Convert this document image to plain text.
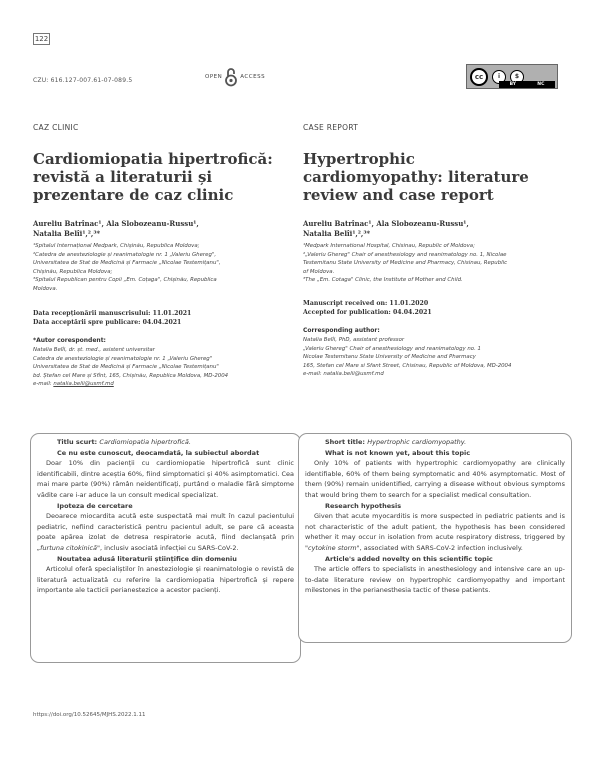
122
CZU: 616.127-007.61-07-089.5	OPEN	ACCESS	cc	i	$
BY	NC
CAZ CLINIC
Cardiomiopatia hipertrofică:
revistă a literaturii și
prezentare de caz clinic
Aureliu Batrînac¹, Ala Slobozeanu-Russu¹,
Natalia Belîi¹,²,³*
¹Spitalul Internațional Medpark, Chișinău, Republica Moldova;
²Catedra de anesteziologie și reanimatologie nr. 1 „Valeriu Ghereg",
Universitatea de Stat de Medicină și Farmacie „Nicolae Testemițanu",
Chișinău, Republica Moldova;
³Spitalul Republican pentru Copii „Em. Coțaga", Chișinău, Republica
Moldova.
Data recepționării manuscrisului: 11.01.2021
Data acceptării spre publicare: 04.04.2021
*Autor corespondent:
Natalia Belîi, dr. șt. med., asistent universitar
Catedra de anesteziologie și reanimatologie nr. 1 „Valeriu Ghereg"
Universitatea de Stat de Medicină și Farmacie „Nicolae Testemițanu"
bd. Ștefan cel Mare și Sfînt, 165, Chișinău, Republica Moldova, MD-2004
e-mail: natalia.belii@usmf.md

Titlu scurt: Cardiomiopatia hipertrofică.

Ce nu este cunoscut, deocamdată, la subiectul abordat

Doar 10% din pacienții cu cardiomiopatie hipertrofică sunt clinic identificabili, dintre aceștia 60%, fiind simptomatici și 40% asimptomatici. Cea mai mare parte (90%) rămân neidentificați, purtând o maladie fără simptome vădite care i-ar aduce la un consult medical specializat.

Ipoteza de cercetare

Deoarece miocardita acută este suspectată mai mult în cazul pacientului pediatric, nefiind caracteristică pentru pacientul adult, se pare că aceasta poate apărea izolat de detresa respiratorie acută, fiind declanșată prin „furtuna citokinică", inclusiv asociată infecției cu SARS-CoV-2.

Noutatea adusă literaturii științifice din domeniu

Articolul oferă specialiștilor în anesteziologie și reanimatologie o revistă de literatură actualizată cu referire la cardiomiopatia hipertrofică și repere importante ale tacticii perianestezice a acestor pacienți.

CASE REPORT
Hypertrophic
cardiomyopathy: literature
review and case report
Aureliu Batrînac¹, Ala Slobozeanu-Russu¹,
Natalia Belîi¹,²,³*
¹Medpark International Hospital, Chisinau, Republic of Moldova;
²„Valeriu Ghereg" Chair of anesthesiology and reanimatology no. 1, Nicolae
Testemitanu State University of Medicine and Pharmacy, Chisinau, Republic
of Moldova.
³The „Em. Cotaga" Clinic, the Institute of Mother and Child.
Manuscript received on: 11.01.2020
Accepted for publication: 04.04.2021
Corresponding author:
Natalia Belîi, PhD, assistant professor
„Valeriu Ghereg" Chair of anesthesiology and reanimatology no. 1
Nicolae Testemitanu State University of Medicine and Pharmacy
165, Stefan cel Mare si Sfant Street, Chisinau, Republic of Moldova, MD-2004
e-mail: natalia.belii@usmf.md

Short title: Hypertrophic cardiomyopathy.

What is not known yet, about this topic

Only 10% of patients with hypertrophic cardiomyopathy are clinically identifiable, 60% of them being symptomatic and 40% asymptomatic. Most of them (90%) remain unidentified, carrying a disease without obvious symptoms that would bring them to search for a specialist medical consultation.

Research hypothesis

Given that acute myocarditis is more suspected in pediatric patients and is not characteristic of the adult patient, the hypothesis has been considered whether it may occur in isolation from acute respiratory distress, triggered by "cytokine storm", associated with SARS-CoV-2 infection inclusively.

Article's added novelty on this scientific topic

The article offers to specialists in anesthesiology and intensive care an up-to-date literature review on hypertrophic cardiomyopathy and important milestones in the perianesthesia tactic of these patients.

https://doi.org/10.52645/MJHS.2022.1.11
